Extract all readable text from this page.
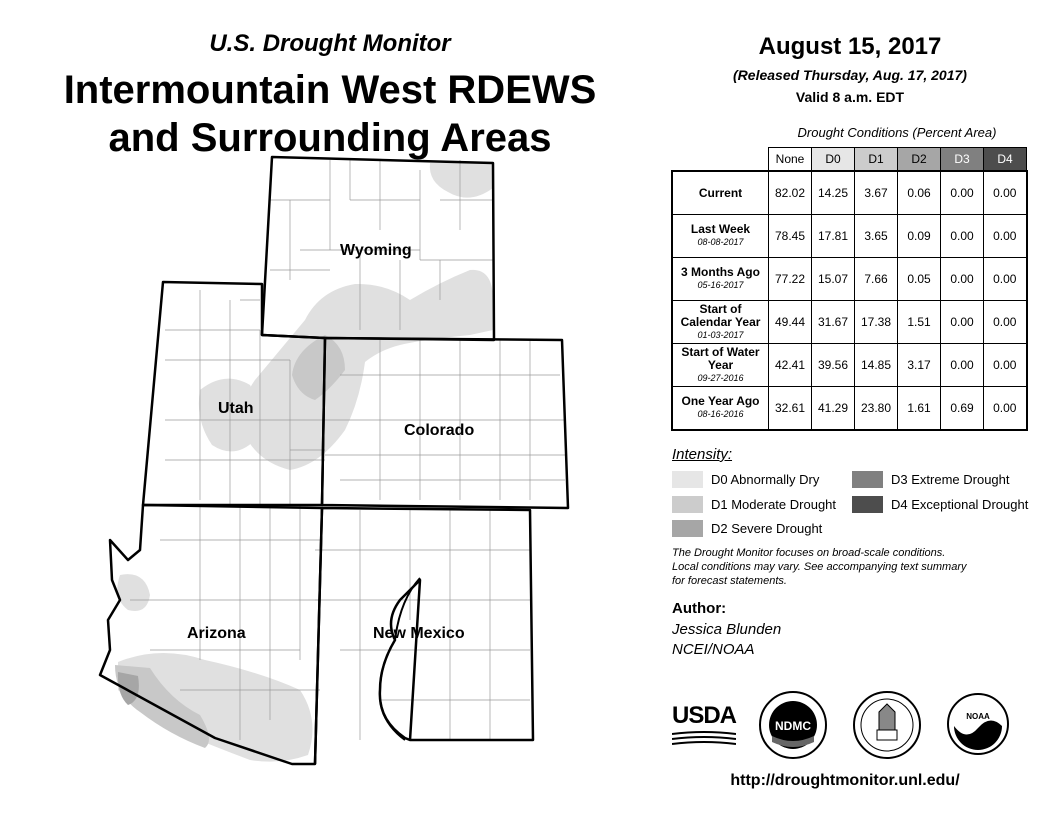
Wyoming
Utah
Colorado
Arizona	New Mexico
U.S. Drought Monitor
Intermountain West RDEWS
and Surrounding Areas
August 15, 2017
(Released Thursday, Aug. 17, 2017)
Valid 8 a.m. EDT
Drought Conditions (Percent Area)
	None	D0	D1	D2	D3	D4
Current	82.02	14.25	3.67	0.06	0.00	0.00
Last Week
08-08-2017	78.45	17.81	3.65	0.09	0.00	0.00
3 Months Ago
05-16-2017	77.22	15.07	7.66	0.05	0.00	0.00
Start of Calendar Year
01-03-2017	49.44	31.67	17.38	1.51	0.00	0.00
Start of Water Year
09-27-2016	42.41	39.56	14.85	3.17	0.00	0.00
One Year Ago
08-16-2016	32.61	41.29	23.80	1.61	0.69	0.00
Intensity:
D0 Abnormally Dry
D1 Moderate Drought
D2 Severe Drought
D3 Extreme Drought
D4 Exceptional Drought
The Drought Monitor focuses on broad-scale conditions.
Local conditions may vary. See accompanying text summary
for forecast statements.
Author:
Jessica Blunden
NCEI/NOAA
USDA	NDMC
NOAA
http://droughtmonitor.unl.edu/
